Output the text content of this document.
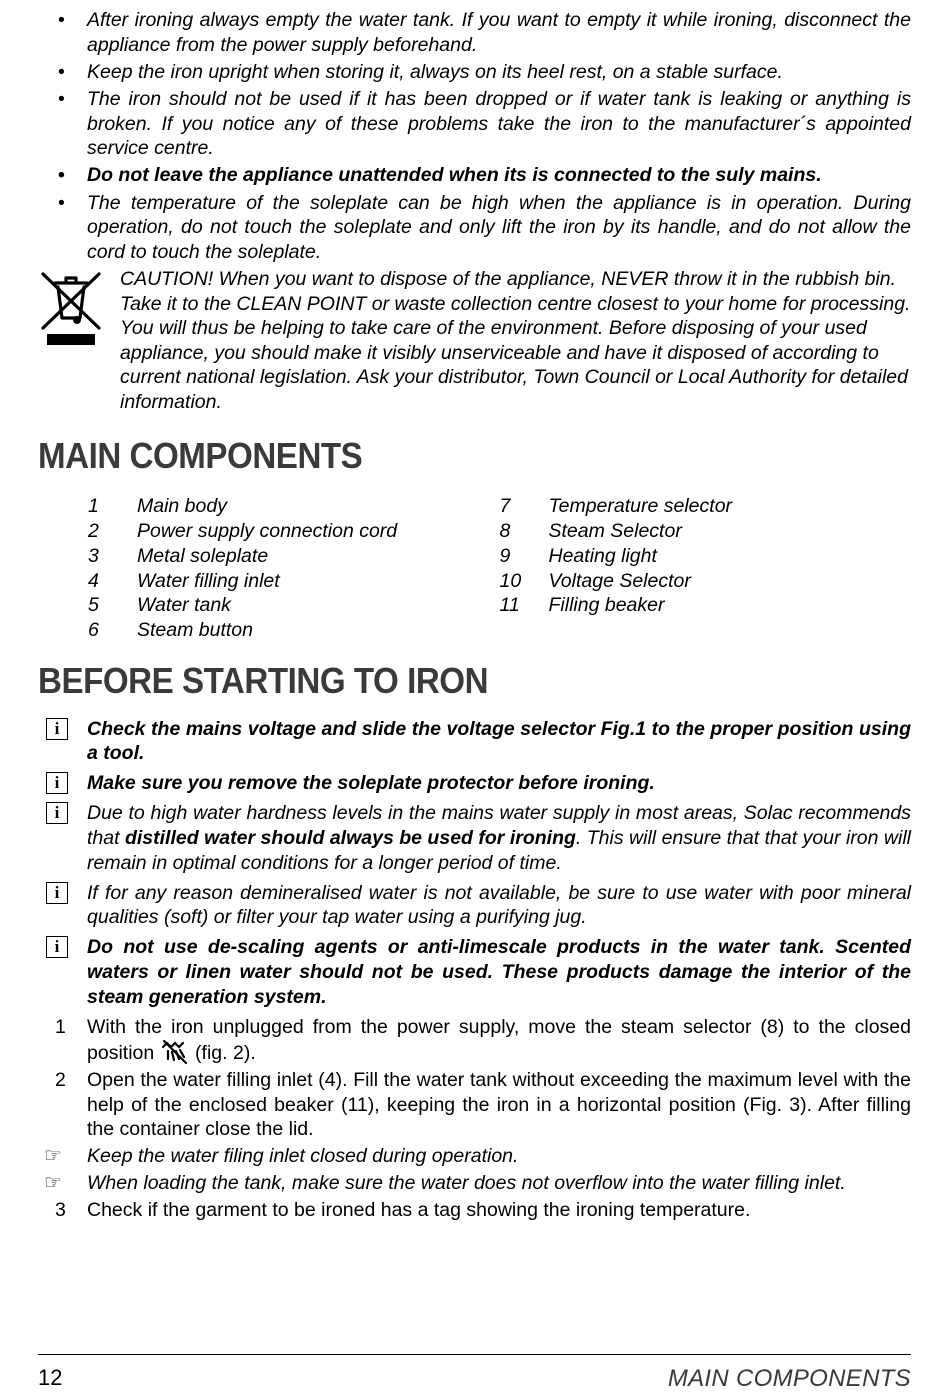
• After ironing always empty the water tank. If you want to empty it while ironing, disconnect the appliance from the power supply beforehand.
• Keep the iron upright when storing it, always on its heel rest, on a stable surface.
• The iron should not be used if it has been dropped or if water tank is leaking or anything is broken. If you notice any of these problems take the iron to the manufacturer´s appointed service centre.
• Do not leave the appliance unattended when its is connected to the suly mains.
• The temperature of the soleplate can be high when the appliance is in operation. During operation, do not touch the soleplate and only lift the iron by its handle, and do not allow the cord to touch the soleplate.
CAUTION! When you want to dispose of the appliance, NEVER throw it in the rubbish bin. Take it to the CLEAN POINT or waste collection centre closest to your home for processing. You will thus be helping to take care of the environment. Before disposing of your used appliance, you should make it visibly unserviceable and have it disposed of according to current national legislation. Ask your distributor, Town Council or Local Authority for detailed information.
MAIN COMPONENTS
1	Main body
2	Power supply connection cord
3	Metal soleplate
4	Water filling inlet
5	Water tank
6	Steam button
7	Temperature selector
8	Steam Selector
9	Heating light
10	Voltage Selector
11	Filling beaker
BEFORE STARTING TO IRON
i	Check the mains voltage and slide the voltage selector Fig.1 to the proper position using a tool.
i	Make sure you remove the soleplate protector before ironing.
i	Due to high water hardness levels in the mains water supply in most areas, Solac recommends that distilled water should always be used for ironing. This will ensure that that your iron will remain in optimal conditions for a longer period of time.
i	If for any reason demineralised water is not available, be sure to use water with poor mineral qualities (soft) or filter your tap water using a purifying jug.
i	Do not use de-scaling agents or anti-limescale products in the water tank. Scented waters or linen water should not be used. These products damage the interior of the steam generation system.
1 With the iron unplugged from the power supply, move the steam selector (8) to the closed position  (fig. 2).
2 Open the water filling inlet (4). Fill the water tank without exceeding the maximum level with the help of the enclosed beaker (11), keeping the iron in a horizontal position (Fig. 3). After filling the container close the lid.
☞ Keep the water filing inlet closed during operation.
☞ When loading the tank, make sure the water does not overflow into the water filling inlet.
3 Check if the garment to be ironed has a tag showing the ironing temperature.
12	MAIN COMPONENTS
